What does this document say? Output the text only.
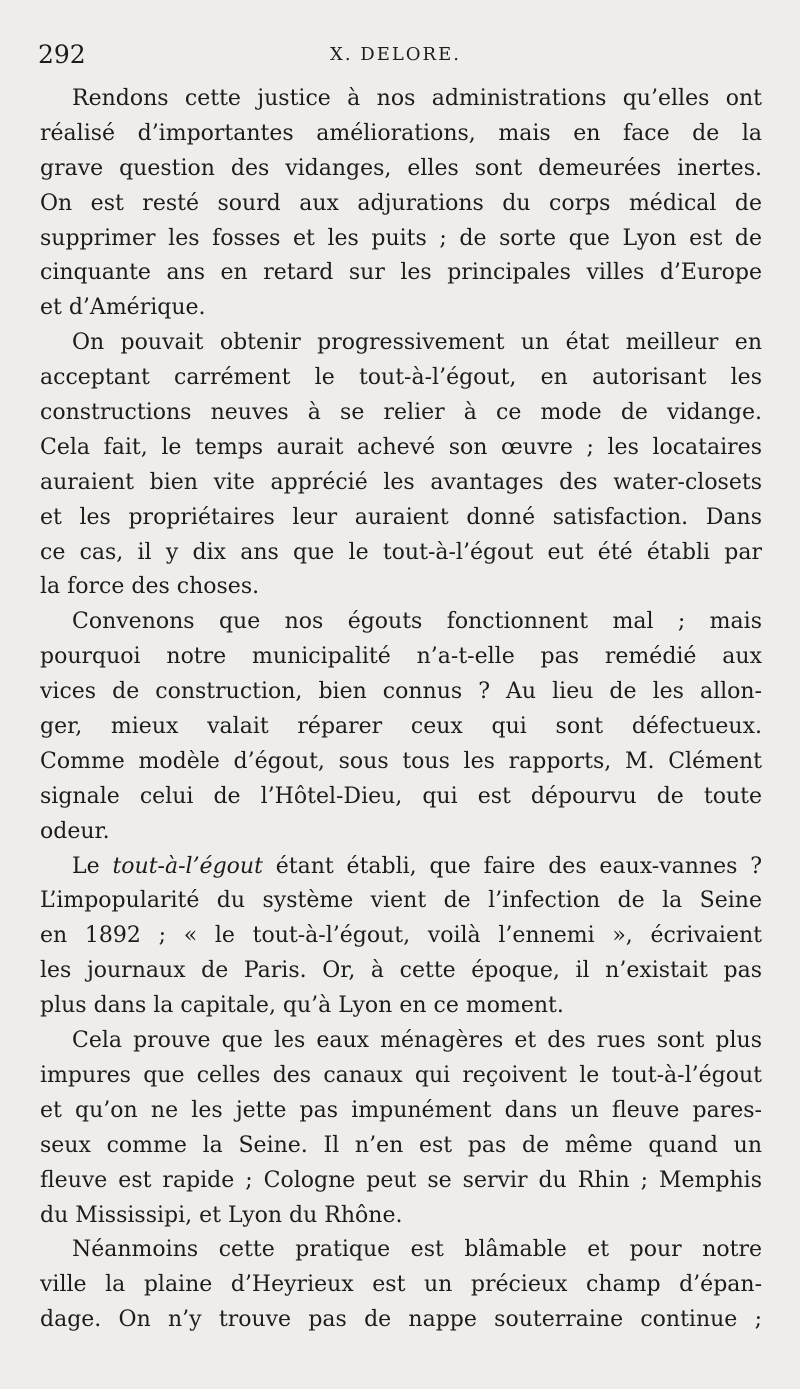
292	X. DELORE.
Rendons cette justice à nos administrations qu’elles ont
réalisé d’importantes améliorations, mais en face de la
grave question des vidanges, elles sont demeurées inertes.
On est resté sourd aux adjurations du corps médical de
supprimer les fosses et les puits ; de sorte que Lyon est de
cinquante ans en retard sur les principales villes d’Europe
et d’Amérique.
On pouvait obtenir progressivement un état meilleur en
acceptant carrément le tout-à-l’égout, en autorisant les
constructions neuves à se relier à ce mode de vidange.
Cela fait, le temps aurait achevé son œuvre ; les locataires
auraient bien vite apprécié les avantages des water-closets
et les propriétaires leur auraient donné satisfaction. Dans
ce cas, il y dix ans que le tout-à-l’égout eut été établi par
la force des choses.
Convenons que nos égouts fonctionnent mal ; mais
pourquoi notre municipalité n’a-t-elle pas remédié aux
vices de construction, bien connus ? Au lieu de les allon-
ger, mieux valait réparer ceux qui sont défectueux.
Comme modèle d’égout, sous tous les rapports, M. Clément
signale celui de l’Hôtel-Dieu, qui est dépourvu de toute
odeur.
Le tout-à-l’égout étant établi, que faire des eaux-vannes ?
L’impopularité du système vient de l’infection de la Seine
en 1892 ; « le tout-à-l’égout, voilà l’ennemi », écrivaient
les journaux de Paris. Or, à cette époque, il n’existait pas
plus dans la capitale, qu’à Lyon en ce moment.
Cela prouve que les eaux ménagères et des rues sont plus
impures que celles des canaux qui reçoivent le tout-à-l’égout
et qu’on ne les jette pas impunément dans un fleuve pares-
seux comme la Seine. Il n’en est pas de même quand un
fleuve est rapide ; Cologne peut se servir du Rhin ; Memphis
du Mississipi, et Lyon du Rhône.
Néanmoins cette pratique est blâmable et pour notre
ville la plaine d’Heyrieux est un précieux champ d’épan-
dage. On n’y trouve pas de nappe souterraine continue ;
